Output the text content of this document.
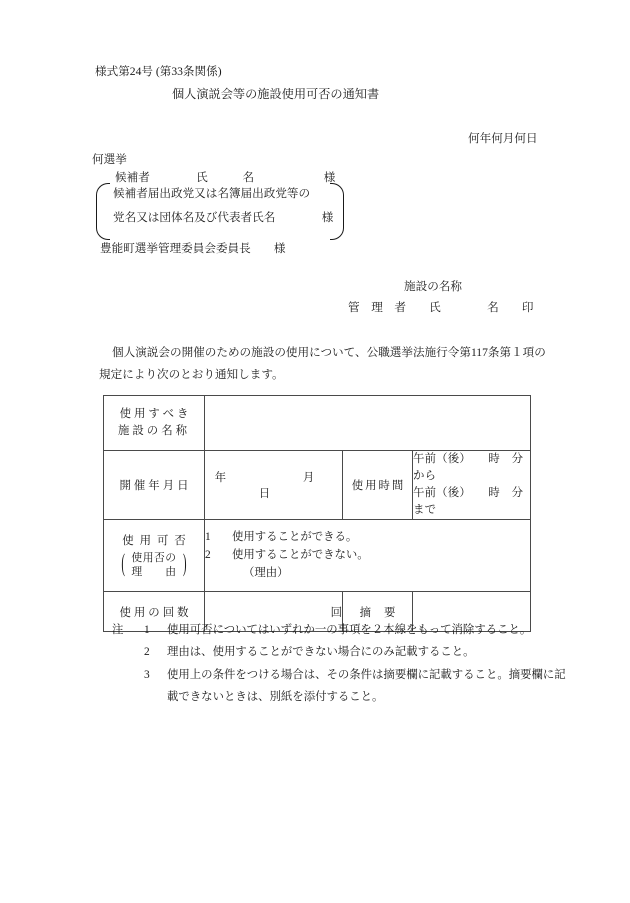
様式第24号 (第33条関係)
個人演説会等の施設使用可否の通知書
何年何月何日
何選挙
候補者　　　　氏　　　名　　　　　　様
候補者届出政党又は名簿届出政党等の
党名又は団体名及び代表者氏名　　　　様
豊能町選挙管理委員会委員長　　様
施設の名称
管　理　者　　氏　　　　名　　印
個人演説会の開催のための施設の使用について、公職選挙法施行令第117条第１項の
規定により次のとおり通知します。
使用すべき
施設の名称			

開催年月日	年　　月　　日	使用時間	午前（後）　　時　分から
午前（後）　　時　分まで

使用可否
( 使用否の
理　　由 )	1 使用することができる。
2 使用することができない。
（理由）		

使用の回数	回	摘要	
注 1	使用可否についてはいずれか一の事項を２本線をもって消除すること。
2	理由は、使用することができない場合にのみ記載すること。
3	使用上の条件をつける場合は、その条件は摘要欄に記載すること。摘要欄に記
載できないときは、別紙を添付すること。
